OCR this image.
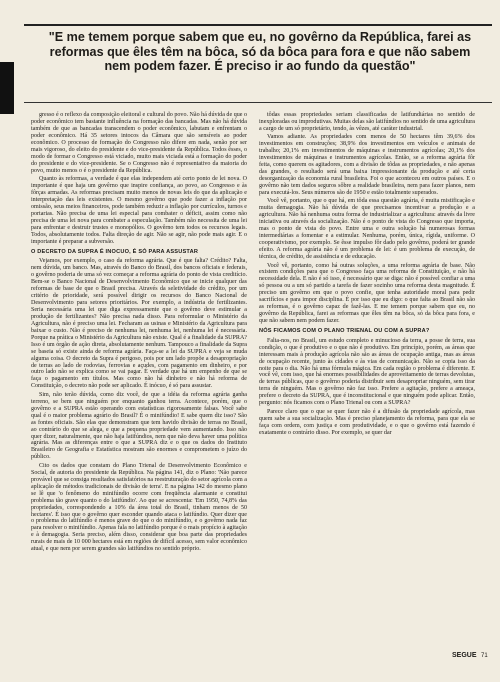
"E me temem porque sabem que eu, no govêrno da República, farei as reformas que êles têm na bôca, só da bôca para fora e que não sabem nem podem fazer. É preciso ir ao fundo da questão"

gresso é o reflexo da composição eleitoral e cultural do povo. Não há dúvida de que o poder econômico tem bastante influência na formação das bancadas. Mas não há dúvida também de que as bancadas transcendem o poder econômico, labutam e enfrentam o poder econômico. Há 35 setores intocos da Câmara que são sensíveis ao poder econômico. O processo de formação do Congresso não difere em nada, senão por ser mais vigoroso, do eleito do presidente e do vice-presidente da República. Todos êsses, o modo de formar o Congresso está viciado, muito mais viciada está a formação do poder do presidente e do vice-presidente. Se o Congresso não é representativo da maioria do povo, muito menos o é o presidente da República.

Quanto às reformas, a verdade é que elas independem até certo ponto de lei nova. O importante é que haja um govêrno que inspire confiança, ao povo, ao Congresso e às fôrças armadas. As reformas precisam muito menos de novas leis do que da aplicação e interpretação das leis existentes. O mesmo govêrno que pode fazer a inflação por omissão, seus meios financeiros, pode também reduzir a inflação por currículos, turnos e portarias. Não precisa de uma lei especial para combater o déficit, assim como não precisa de uma lei nova para combater a especulação. Também não necessita de uma lei para enfrentar e destruir trustes e monopólios. O govêrno tem todos os recursos legais. Todos, absolutamente todos. Falta direção de agir. Não se agir, não pode mais agir. E o importante é preparar a subversão.

O DECRETO DA SUPRA É INOCUO, É SÓ PARA ASSUSTAR

Vejamos, por exemplo, o caso da reforma agrária. Que é que falta? Crédito? Falta, nem dúvida, um banco. Mas, através do Banco do Brasil, dos bancos oficiais e federais, o govêrno poderia de uma só vez começar a reforma agrária do ponto de vista creditício. Bem-se o Banco Nacional de Desenvolvimento Econômico que se inicie qualquer das reformas de base de que o Brasil precisa. Através da seletividade do crédito, por um critério de prioridade, será possível dirigir os recursos do Banco Nacional de Desenvolvimento para setores prioritários. Por exemplo, a indústria de fertilizantes. Seria necessária uma lei que diga expressamente que o govêrno deve estimular a produção de fertilizantes? Não precisa nada disso. Para reformular o Ministério da Agricultura, não é preciso uma lei. Fecharam as usinas e Ministério da Agricultura para baixar o custo. Não é preciso de nenhuma lei, nenhuma lei, nenhuma lei é necessária. Porque na prática o Ministério da Agricultura não existe. Qual é a finalidade da SUPRA? Isso é um órgão de ação direta, absolutamente nenhum. Tampouco a finalidade da Supra se baseia só existe ainda de reforma agrária. Faça-se a lei da SUPRA e veja se muda alguma coisa. O decreto da Supra é perigoso, pois por um lado propõe a desapropriação de terras ao lado de rodovias, ferrovias e açudes, com pagamento em dinheiro, e por outro lado não se explica como se vai pagar. É verdade que há um empenho de que se faça o pagamento em títulos. Mas como não há dinheiro e não há reforma de Constituição, o decreto não pode ser aplicado. É inócuo, é só para assustar.

Sim, não terão dúvida, como diz você, de que a idéia da reforma agrária ganha terreno, se bem que ninguém por enquanto ganhou terra. Acontece, porém, que o govêrno e a SUPRA estão operando com estatísticas rigorosamente falsas. Você sabe qual é o maior problema agrário do Brasil? É o minifúndio! E sabe quem diz isso? São as fontes oficiais. São elas que demonstram que tem havido divisão de terras no Brasil, ao contrário do que se alega, e que a pequena propriedade vem aumentando. Isso não quer dizer, naturalmente, que não haja latifúndios, nem que não deva haver uma política agrária. Mas as diferenças entre o que a SUPRA diz e o que os dados do Instituto Brasileiro de Geografia e Estatística mostram são enormes e comprometem o juízo do público.

Cito os dados que constam do Plano Trienal de Desenvolvimento Econômico e Social, de autoria do presidente da República. Na página 141, diz o Plano: 'Não parece provável que se consiga resultados satisfatórios na reestruturação do setor agrícola com a aplicação de métodos tradicionais de divisão de terra'. E na página 142 do mesmo plano se lê que 'o fenômeno do minifúndio ocorre com freqüência alarmante e constitui problema tão grave quanto o do latifúndio'. Ao que se acrescenta: 'Em 1950, 74,8% das propriedades, correspondendo a 10% da área total do Brasil, tinham menos de 50 hectares'. É isso que o govêrno quer esconder quando ataca o latifúndio. Quer dizer que o problema do latifúndio é menos grave do que o do minifúndio, e o govêrno nada faz para resolver o minifúndio. Apenas fala no latifúndio porque é o mais propício à agitação e à demagogia. Seria preciso, além disso, considerar que boa parte das propriedades rurais de mais de 10 000 hectares está em regiões de difícil acesso, sem valor econômico atual, e que nem por serem grandes são latifúndios no sentido próprio.

tôdas essas propriedades seriam classificadas de latifundiárias no sentido de inexploradas ou improdutivas. Muitas delas são latifúndios no sentido de uma agricultura a cargo de um só proprietário, tendo, às vêzes, até caráter industrial.

Vamos adiante. As propriedades com menos de 50 hectares têm 39,6% dos investimentos em construções; 38,9% dos investimentos em veículos e animais de trabalho; 20,1% em investimentos de máquinas e instrumentos agrícolas; 20,1% dos investimentos de máquinas e instrumentos agrícolas. Então, se a reforma agrária fôr feita, como querem os agitadores, com a divisão de tôdas as propriedades, e não apenas das grandes, o resultado será uma baixa impressionante da produção e até certa desorganização da economia rural brasileira. Foi o que aconteceu em outros países. E o govêrno não tem dados seguros sôbre a realidade brasileira, nem para fazer planos, nem para executá-los. Seus números são de 1950 e estão totalmente superados.

Você vê, portanto, que o que há, em tôda essa questão agrária, é muita mistificação e muita demagogia. Não há dúvida de que precisamos incentivar a produção e a agricultura. Não há nenhuma outra forma de industrializar a agricultura: através da livre iniciativa ou através da socialização. Não é o ponto de vista do Congresso que importa, mas o ponto de vista do povo. Entre uma e outra solução há numerosas formas intermediárias a fomentar e a estimular. Nenhuma, porém, única, rígida, uniforme. O cooperativismo, por exemplo. Se êsse impulso fôr dado pelo govêrno, poderá ter grande efeito. A reforma agrária não é um problema de lei: é um problema de execução, de técnica, de crédito, de assistência e de educação.

Você vê, portanto, como há outras soluções, a uma reforma agrária de base. Não existem condições para que o Congresso faça uma reforma de Constituição, e não há necessidade dela. E não é só isso, é necessário que se diga: não é possível confiar a uma só pessoa ou a um só partido a tarefa de fazer sozinho uma reforma desta magnitude. É preciso um govêrno em que o povo confie, que tenha autoridade moral para pedir sacrifícios e para impor disciplina. É por isso que eu digo: o que falta ao Brasil não são as reformas, é o govêrno capaz de fazê-las. E me temem porque sabem que eu, no govêrno da República, farei as reformas que êles têm na bôca, só da bôca para fora, e que não sabem nem podem fazer.

NÓS FICAMOS COM O PLANO TRIENAL OU COM A SUPRA?

Falta-nos, no Brasil, um estudo completo e minucioso da terra, a posse de terra, sua condição, o que é produtivo e o que não é produtivo. Em princípio, porém, as áreas que interessam mais à produção agrícola não são as áreas de ocupação antiga, mas as áreas de ocupação recente, junto às cidades e às vias de comunicação. Não se copia isso da noite para o dia. Não há uma fórmula mágica. Em cada região o problema é diferente. E você vê, com isso, que há enormes possibilidades de aproveitamento de terras devolutas, de terras públicas, que o govêrno poderia distribuir sem desapropriar ninguém, sem tirar terra de ninguém. Mas o govêrno não faz isso. Prefere a agitação, prefere a ameaça, prefere o decreto da SUPRA, que é inconstitucional e que ninguém pode aplicar. Então, pergunto: nós ficamos com o Plano Trienal ou com a SUPRA?

Parece claro que o que se quer fazer não é a difusão da propriedade agrícola, mas quem sabe a sua socialização. Mas é preciso planejamento da reforma, para que ela se faça com ordem, com justiça e com produtividade, e o que o govêrno está fazendo é exatamente o contrário disso. Por exemplo, se quer dar

SEGUE 71
